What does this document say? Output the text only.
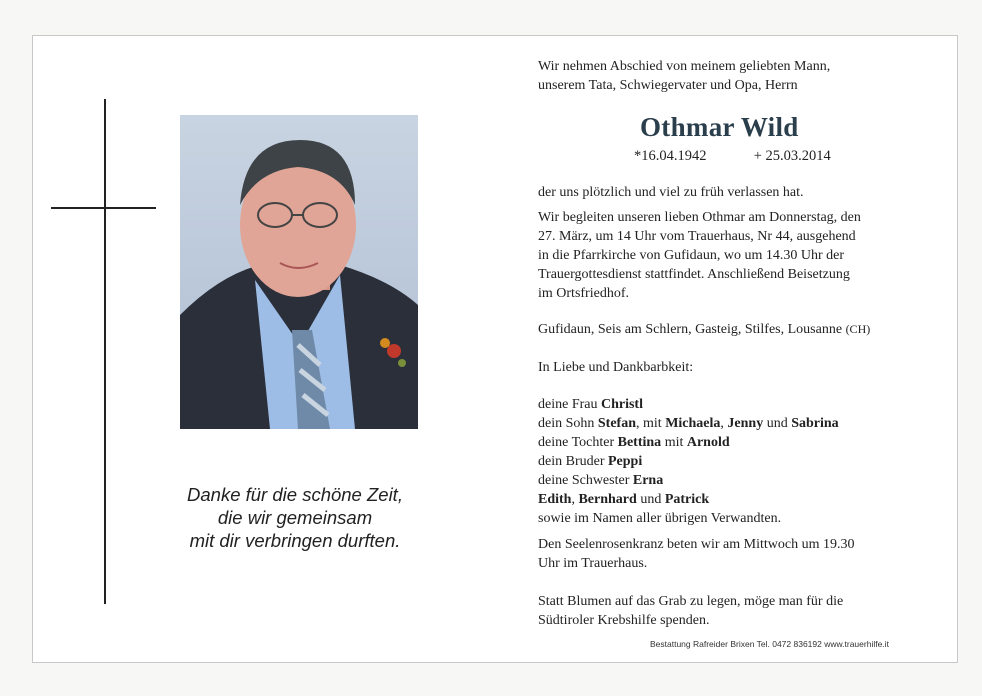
Danke für die schöne Zeit,
die wir gemeinsam
mit dir verbringen durften.
Wir nehmen Abschied von meinem geliebten Mann,
unserem Tata, Schwiegervater und Opa, Herrn
Othmar Wild
*16.04.1942	+ 25.03.2014
der uns plötzlich und viel zu früh verlassen hat.
Wir begleiten unseren lieben Othmar am Donnerstag, den
27. März, um 14 Uhr vom Trauerhaus, Nr 44, ausgehend
in die Pfarrkirche von Gufidaun, wo um 14.30 Uhr der
Trauergottesdienst stattfindet. Anschließend Beisetzung
im Ortsfriedhof.
Gufidaun, Seis am Schlern, Gasteig, Stilfes, Lousanne (CH)
In Liebe und Dankbarbkeit:
deine Frau Christl
dein Sohn Stefan, mit Michaela, Jenny und Sabrina
deine Tochter Bettina mit Arnold
dein Bruder Peppi
deine Schwester Erna
Edith, Bernhard und Patrick
sowie im Namen aller übrigen Verwandten.
Den Seelenrosenkranz beten wir am Mittwoch um 19.30
Uhr im Trauerhaus.
Statt Blumen auf das Grab zu legen, möge man für die
Südtiroler Krebshilfe spenden.
Bestattung Rafreider Brixen Tel. 0472 836192 www.trauerhilfe.it
